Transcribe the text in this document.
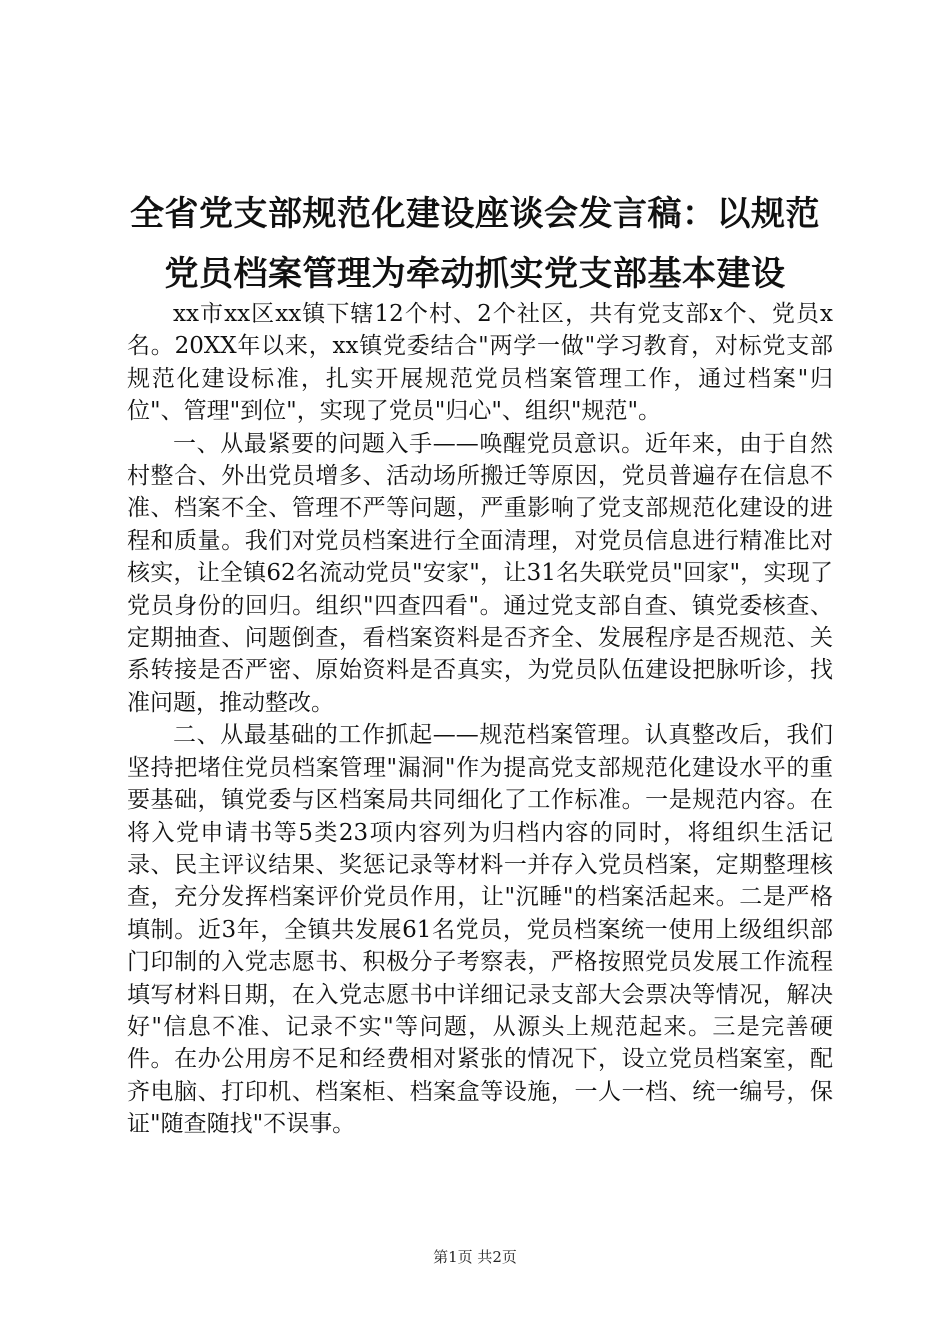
全省党支部规范化建设座谈会发言稿：以规范
党员档案管理为牵动抓实党支部基本建设

xx市xx区xx镇下辖12个村、2个社区，共有党支部x个、党员x名。20XX年以来，xx镇党委结合"两学一做"学习教育，对标党支部规范化建设标准，扎实开展规范党员档案管理工作，通过档案"归位"、管理"到位"，实现了党员"归心"、组织"规范"。

一、从最紧要的问题入手——唤醒党员意识。近年来，由于自然村整合、外出党员增多、活动场所搬迁等原因，党员普遍存在信息不准、档案不全、管理不严等问题，严重影响了党支部规范化建设的进程和质量。我们对党员档案进行全面清理，对党员信息进行精准比对核实，让全镇62名流动党员"安家"，让31名失联党员"回家"，实现了党员身份的回归。组织"四查四看"。通过党支部自查、镇党委核查、定期抽查、问题倒查，看档案资料是否齐全、发展程序是否规范、关系转接是否严密、原始资料是否真实，为党员队伍建设把脉听诊，找准问题，推动整改。

二、从最基础的工作抓起——规范档案管理。认真整改后，我们坚持把堵住党员档案管理"漏洞"作为提高党支部规范化建设水平的重要基础，镇党委与区档案局共同细化了工作标准。一是规范内容。在将入党申请书等5类23项内容列为归档内容的同时，将组织生活记录、民主评议结果、奖惩记录等材料一并存入党员档案，定期整理核查，充分发挥档案评价党员作用，让"沉睡"的档案活起来。二是严格填制。近3年，全镇共发展61名党员，党员档案统一使用上级组织部门印制的入党志愿书、积极分子考察表，严格按照党员发展工作流程填写材料日期，在入党志愿书中详细记录支部大会票决等情况，解决好"信息不准、记录不实"等问题，从源头上规范起来。三是完善硬件。在办公用房不足和经费相对紧张的情况下，设立党员档案室，配齐电脑、打印机、档案柜、档案盒等设施，一人一档、统一编号，保证"随查随找"不误事。

第1页 共2页
